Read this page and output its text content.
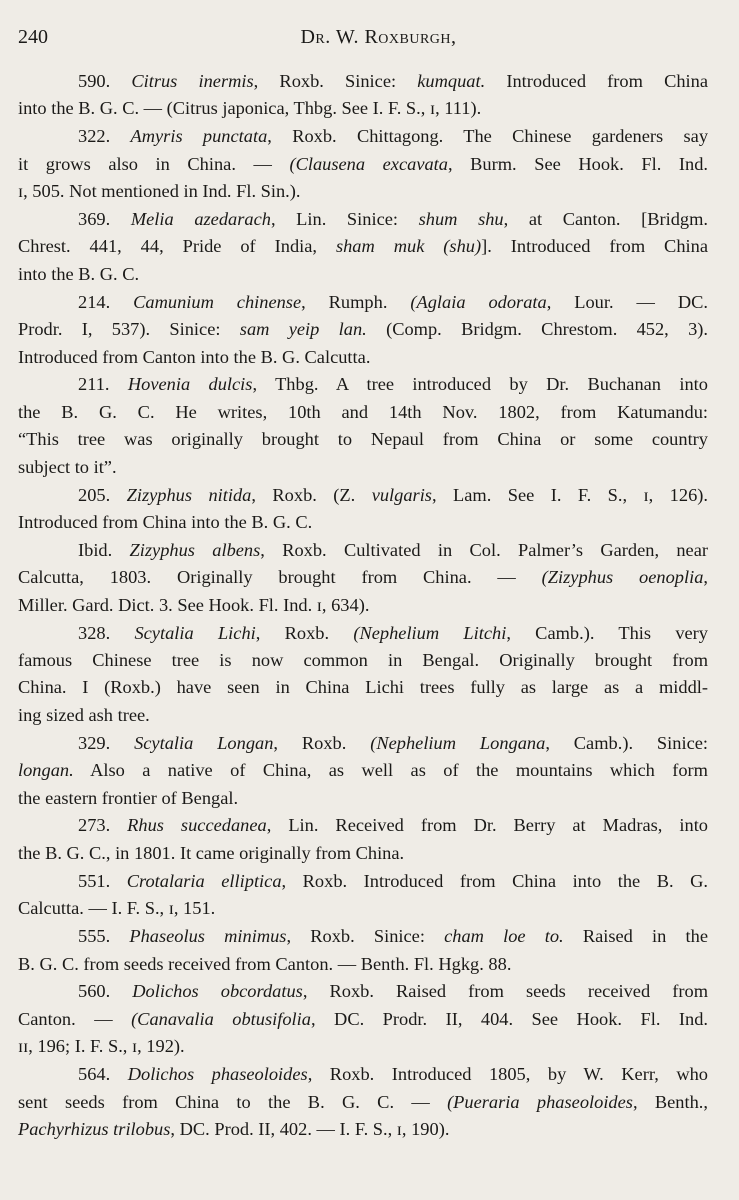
240	Dr. W. Roxburgh,
590. Citrus inermis, Roxb. Sinice: kumquat. Introduced from China
into the B. G. C. — (Citrus japonica, Thbg. See I. F. S., ɪ, 111).
322. Amyris punctata, Roxb. Chittagong. The Chinese gardeners say
it grows also in China. — (Clausena excavata, Burm. See Hook. Fl. Ind.
ɪ, 505. Not mentioned in Ind. Fl. Sin.).
369. Melia azedarach, Lin. Sinice: shum shu, at Canton. [Bridgm.
Chrest. 441, 44, Pride of India, sham muk (shu)]. Introduced from China
into the B. G. C.
214. Camunium chinense, Rumph. (Aglaia odorata, Lour. — DC.
Prodr. I, 537). Sinice: sam yeip lan. (Comp. Bridgm. Chrestom. 452, 3).
Introduced from Canton into the B. G. Calcutta.
211. Hovenia dulcis, Thbg. A tree introduced by Dr. Buchanan into
the B. G. C. He writes, 10th and 14th Nov. 1802, from Katumandu:
“This tree was originally brought to Nepaul from China or some country
subject to it”.
205. Zizyphus nitida, Roxb. (Z. vulgaris, Lam. See I. F. S., ɪ, 126).
Introduced from China into the B. G. C.
Ibid. Zizyphus albens, Roxb. Cultivated in Col. Palmer’s Garden, near
Calcutta, 1803. Originally brought from China. — (Zizyphus oenoplia,
Miller. Gard. Dict. 3. See Hook. Fl. Ind. ɪ, 634).
328. Scytalia Lichi, Roxb. (Nephelium Litchi, Camb.). This very
famous Chinese tree is now common in Bengal. Originally brought from
China. I (Roxb.) have seen in China Lichi trees fully as large as a middl-
ing sized ash tree.
329. Scytalia Longan, Roxb. (Nephelium Longana, Camb.). Sinice:
longan. Also a native of China, as well as of the mountains which form
the eastern frontier of Bengal.
273. Rhus succedanea, Lin. Received from Dr. Berry at Madras, into
the B. G. C., in 1801. It came originally from China.
551. Crotalaria elliptica, Roxb. Introduced from China into the B. G.
Calcutta. — I. F. S., ɪ, 151.
555. Phaseolus minimus, Roxb. Sinice: cham loe to. Raised in the
B. G. C. from seeds received from Canton. — Benth. Fl. Hgkg. 88.
560. Dolichos obcordatus, Roxb. Raised from seeds received from
Canton. — (Canavalia obtusifolia, DC. Prodr. II, 404. See Hook. Fl. Ind.
ɪɪ, 196; I. F. S., ɪ, 192).
564. Dolichos phaseoloides, Roxb. Introduced 1805, by W. Kerr, who
sent seeds from China to the B. G. C. — (Pueraria phaseoloides, Benth.,
Pachyrhizus trilobus, DC. Prod. II, 402. — I. F. S., ɪ, 190).
